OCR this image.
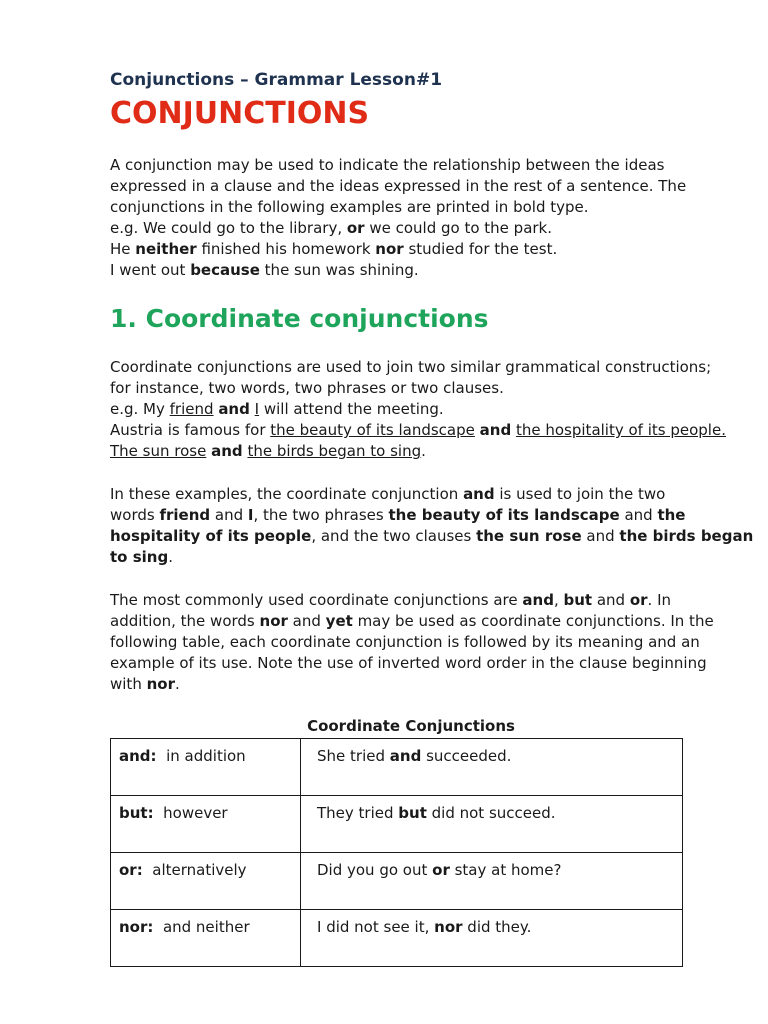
Conjunctions – Grammar Lesson#1
CONJUNCTIONS
A conjunction may be used to indicate the relationship between the ideas
expressed in a clause and the ideas expressed in the rest of a sentence. The
conjunctions in the following examples are printed in bold type.
e.g. We could go to the library, or we could go to the park.
He neither finished his homework nor studied for the test.
I went out because the sun was shining.
1. Coordinate conjunctions
Coordinate conjunctions are used to join two similar grammatical constructions;
for instance, two words, two phrases or two clauses.
e.g. My friend and I will attend the meeting.
Austria is famous for the beauty of its landscape and the hospitality of its people.
The sun rose and the birds began to sing.
In these examples, the coordinate conjunction and is used to join the two
words friend and I, the two phrases the beauty of its landscape and the
hospitality of its people, and the two clauses the sun rose and the birds began
to sing.
The most commonly used coordinate conjunctions are and, but and or. In
addition, the words nor and yet may be used as coordinate conjunctions. In the
following table, each coordinate conjunction is followed by its meaning and an
example of its use. Note the use of inverted word order in the clause beginning
with nor.
Coordinate Conjunctions
and: in addition	She tried and succeeded.
but: however	They tried but did not succeed.
or: alternatively	Did you go out or stay at home?
nor: and neither	I did not see it, nor did they.
